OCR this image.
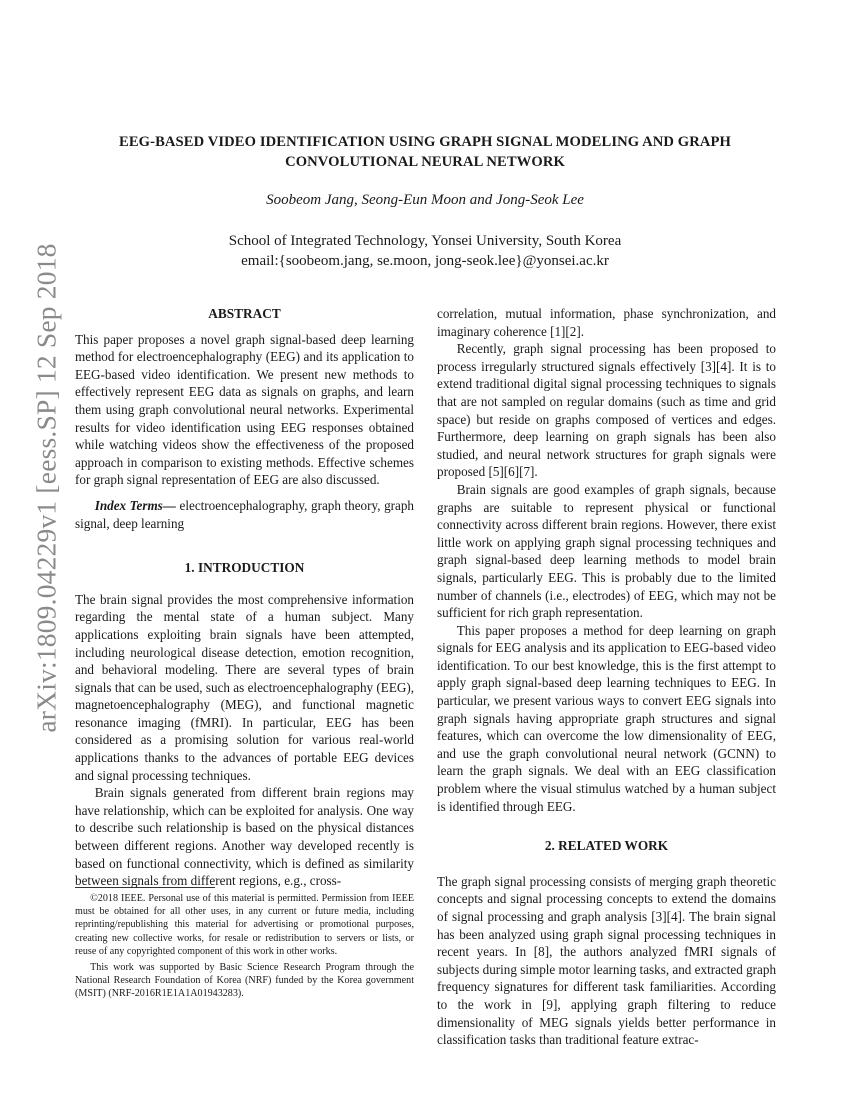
arXiv:1809.04229v1 [eess.SP] 12 Sep 2018
EEG-BASED VIDEO IDENTIFICATION USING GRAPH SIGNAL MODELING AND GRAPH
CONVOLUTIONAL NEURAL NETWORK
Soobeom Jang, Seong-Eun Moon and Jong-Seok Lee
School of Integrated Technology, Yonsei University, South Korea
email:{soobeom.jang, se.moon, jong-seok.lee}@yonsei.ac.kr
ABSTRACT

This paper proposes a novel graph signal-based deep learning method for electroencephalography (EEG) and its application to EEG-based video identification. We present new methods to effectively represent EEG data as signals on graphs, and learn them using graph convolutional neural networks. Experimental results for video identification using EEG responses obtained while watching videos show the effectiveness of the proposed approach in comparison to existing methods. Effective schemes for graph signal representation of EEG are also discussed.

Index Terms— electroencephalography, graph theory, graph signal, deep learning

1. INTRODUCTION

The brain signal provides the most comprehensive information regarding the mental state of a human subject. Many applications exploiting brain signals have been attempted, including neurological disease detection, emotion recognition, and behavioral modeling. There are several types of brain signals that can be used, such as electroencephalography (EEG), magnetoencephalography (MEG), and functional magnetic resonance imaging (fMRI). In particular, EEG has been considered as a promising solution for various real-world applications thanks to the advances of portable EEG devices and signal processing techniques.

Brain signals generated from different brain regions may have relationship, which can be exploited for analysis. One way to describe such relationship is based on the physical distances between different regions. Another way developed recently is based on functional connectivity, which is defined as similarity between signals from different regions, e.g., cross-

©2018 IEEE. Personal use of this material is permitted. Permission from IEEE must be obtained for all other uses, in any current or future media, including reprinting/republishing this material for advertising or promotional purposes, creating new collective works, for resale or redistribution to servers or lists, or reuse of any copyrighted component of this work in other works.

This work was supported by Basic Science Research Program through the National Research Foundation of Korea (NRF) funded by the Korea government (MSIT) (NRF-2016R1E1A1A01943283).

correlation, mutual information, phase synchronization, and imaginary coherence [1][2].

Recently, graph signal processing has been proposed to process irregularly structured signals effectively [3][4]. It is to extend traditional digital signal processing techniques to signals that are not sampled on regular domains (such as time and grid space) but reside on graphs composed of vertices and edges. Furthermore, deep learning on graph signals has been also studied, and neural network structures for graph signals were proposed [5][6][7].

Brain signals are good examples of graph signals, because graphs are suitable to represent physical or functional connectivity across different brain regions. However, there exist little work on applying graph signal processing techniques and graph signal-based deep learning methods to model brain signals, particularly EEG. This is probably due to the limited number of channels (i.e., electrodes) of EEG, which may not be sufficient for rich graph representation.

This paper proposes a method for deep learning on graph signals for EEG analysis and its application to EEG-based video identification. To our best knowledge, this is the first attempt to apply graph signal-based deep learning techniques to EEG. In particular, we present various ways to convert EEG signals into graph signals having appropriate graph structures and signal features, which can overcome the low dimensionality of EEG, and use the graph convolutional neural network (GCNN) to learn the graph signals. We deal with an EEG classification problem where the visual stimulus watched by a human subject is identified through EEG.

2. RELATED WORK

The graph signal processing consists of merging graph theoretic concepts and signal processing concepts to extend the domains of signal processing and graph analysis [3][4]. The brain signal has been analyzed using graph signal processing techniques in recent years. In [8], the authors analyzed fMRI signals of subjects during simple motor learning tasks, and extracted graph frequency signatures for different task familiarities. According to the work in [9], applying graph filtering to reduce dimensionality of MEG signals yields better performance in classification tasks than traditional feature extrac-
